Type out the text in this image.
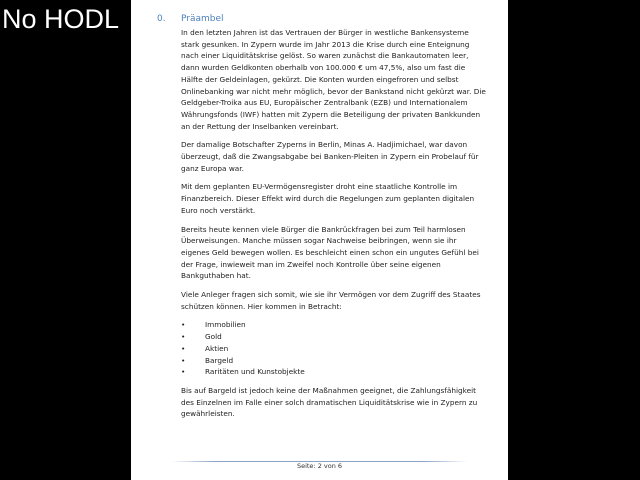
No HODL	0. Präambel

In den letzten Jahren ist das Vertrauen der Bürger in westliche Bankensysteme stark gesunken. In Zypern wurde im Jahr 2013 die Krise durch eine Enteignung nach einer Liquiditätskrise gelöst. So waren zunächst die Bankautomaten leer, dann wurden Geldkonten oberhalb von 100.000 € um 47,5%, also um fast die Hälfte der Geldeinlagen, gekürzt. Die Konten wurden eingefroren und selbst Onlinebanking war nicht mehr möglich, bevor der Bankstand nicht gekürzt war. Die Geldgeber-Troika aus EU, Europäischer Zentralbank (EZB) und Internationalem Währungsfonds (IWF) hatten mit Zypern die Beteiligung der privaten Bankkunden an der Rettung der Inselbanken vereinbart.

Der damalige Botschafter Zyperns in Berlin, Minas A. Hadjimichael, war davon überzeugt, daß die Zwangsabgabe bei Banken-Pleiten in Zypern ein Probelauf für ganz Europa war.

Mit dem geplanten EU-Vermögensregister droht eine staatliche Kontrolle im Finanzbereich. Dieser Effekt wird durch die Regelungen zum geplanten digitalen Euro noch verstärkt.

Bereits heute kennen viele Bürger die Bankrückfragen bei zum Teil harmlosen Überweisungen. Manche müssen sogar Nachweise beibringen, wenn sie ihr eigenes Geld bewegen wollen. Es beschleicht einen schon ein ungutes Gefühl bei der Frage, inwieweit man im Zweifel noch Kontrolle über seine eigenen Bankguthaben hat.

Viele Anleger fragen sich somit, wie sie ihr Vermögen vor dem Zugriff des Staates schützen können. Hier kommen in Betracht:

•	Immobilien
•	Gold
•	Aktien
•	Bargeld
•	Raritäten und Kunstobjekte

Bis auf Bargeld ist jedoch keine der Maßnahmen geeignet, die Zahlungsfähigkeit des Einzelnen im Falle einer solch dramatischen Liquiditätskrise wie in Zypern zu gewährleisten.

Seite: 2 von 6
